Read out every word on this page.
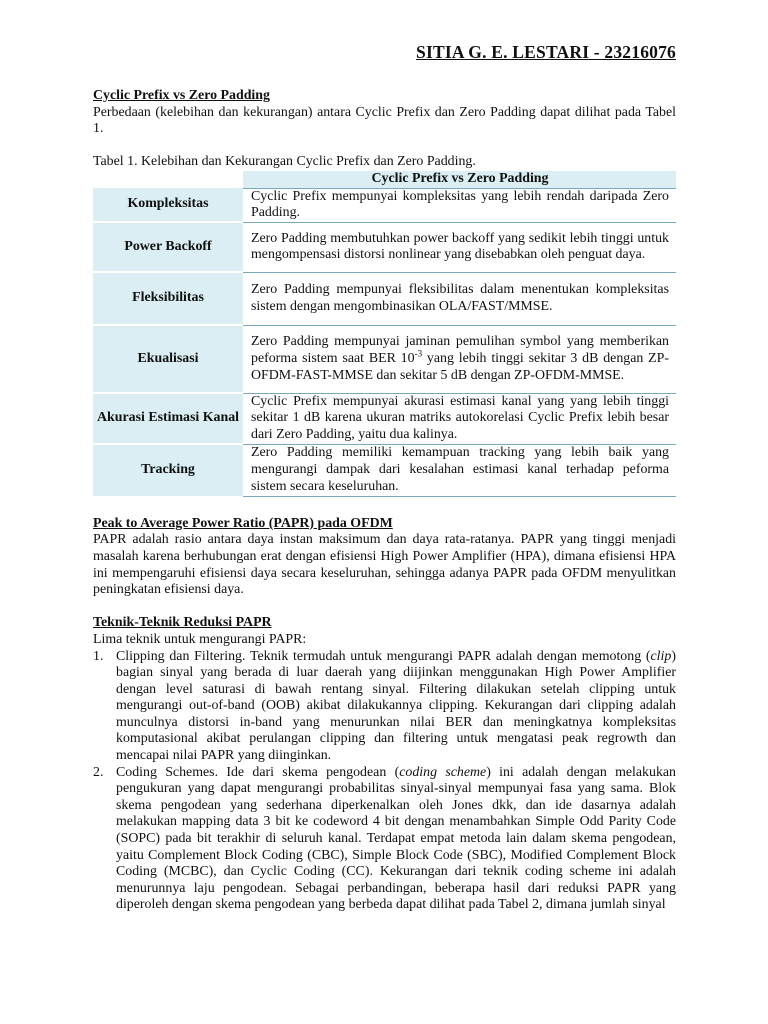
SITIA G. E. LESTARI - 23216076
Cyclic Prefix vs Zero Padding

Perbedaan (kelebihan dan kekurangan) antara Cyclic Prefix dan Zero Padding dapat dilihat pada Tabel 1.

Tabel 1. Kelebihan dan Kekurangan Cyclic Prefix dan Zero Padding.
	Cyclic Prefix vs Zero Padding
Kompleksitas	Cyclic Prefix mempunyai kompleksitas yang lebih rendah daripada Zero Padding.
Power Backoff	Zero Padding membutuhkan power backoff yang sedikit lebih tinggi untuk mengompensasi distorsi nonlinear yang disebabkan oleh penguat daya.
Fleksibilitas	Zero Padding mempunyai fleksibilitas dalam menentukan kompleksitas sistem dengan mengombinasikan OLA/FAST/MMSE.
Ekualisasi	Zero Padding mempunyai jaminan pemulihan symbol yang memberikan peforma sistem saat BER $10^{-3}$ yang lebih tinggi sekitar 3 dB dengan ZP-OFDM-FAST-MMSE dan sekitar 5 dB dengan ZP-OFDM-MMSE.
Akurasi Estimasi Kanal	Cyclic Prefix mempunyai akurasi estimasi kanal yang yang lebih tinggi sekitar 1 dB karena ukuran matriks autokorelasi Cyclic Prefix lebih besar dari Zero Padding, yaitu dua kalinya.
Tracking	Zero Padding memiliki kemampuan tracking yang lebih baik yang mengurangi dampak dari kesalahan estimasi kanal terhadap peforma sistem secara keseluruhan.
Peak to Average Power Ratio (PAPR) pada OFDM

PAPR adalah rasio antara daya instan maksimum dan daya rata-ratanya. PAPR yang tinggi menjadi masalah karena berhubungan erat dengan efisiensi High Power Amplifier (HPA), dimana efisiensi HPA ini mempengaruhi efisiensi daya secara keseluruhan, sehingga adanya PAPR pada OFDM menyulitkan peningkatan efisiensi daya.

Teknik-Teknik Reduksi PAPR
Lima teknik untuk mengurangi PAPR:
1. Clipping dan Filtering. Teknik termudah untuk mengurangi PAPR adalah dengan memotong (clip) bagian sinyal yang berada di luar daerah yang diijinkan menggunakan High Power Amplifier dengan level saturasi di bawah rentang sinyal. Filtering dilakukan setelah clipping untuk mengurangi out-of-band (OOB) akibat dilakukannya clipping. Kekurangan dari clipping adalah munculnya distorsi in-band yang menurunkan nilai BER dan meningkatnya kompleksitas komputasional akibat perulangan clipping dan filtering untuk mengatasi peak regrowth dan mencapai nilai PAPR yang diinginkan.
2. Coding Schemes. Ide dari skema pengodean (coding scheme) ini adalah dengan melakukan pengukuran yang dapat mengurangi probabilitas sinyal-sinyal mempunyai fasa yang sama. Blok skema pengodean yang sederhana diperkenalkan oleh Jones dkk, dan ide dasarnya adalah melakukan mapping data 3 bit ke codeword 4 bit dengan menambahkan Simple Odd Parity Code (SOPC) pada bit terakhir di seluruh kanal. Terdapat empat metoda lain dalam skema pengodean, yaitu Complement Block Coding (CBC), Simple Block Code (SBC), Modified Complement Block Coding (MCBC), dan Cyclic Coding (CC). Kekurangan dari teknik coding scheme ini adalah menurunnya laju pengodean. Sebagai perbandingan, beberapa hasil dari reduksi PAPR yang diperoleh dengan skema pengodean yang berbeda dapat dilihat pada Tabel 2, dimana jumlah sinyal
